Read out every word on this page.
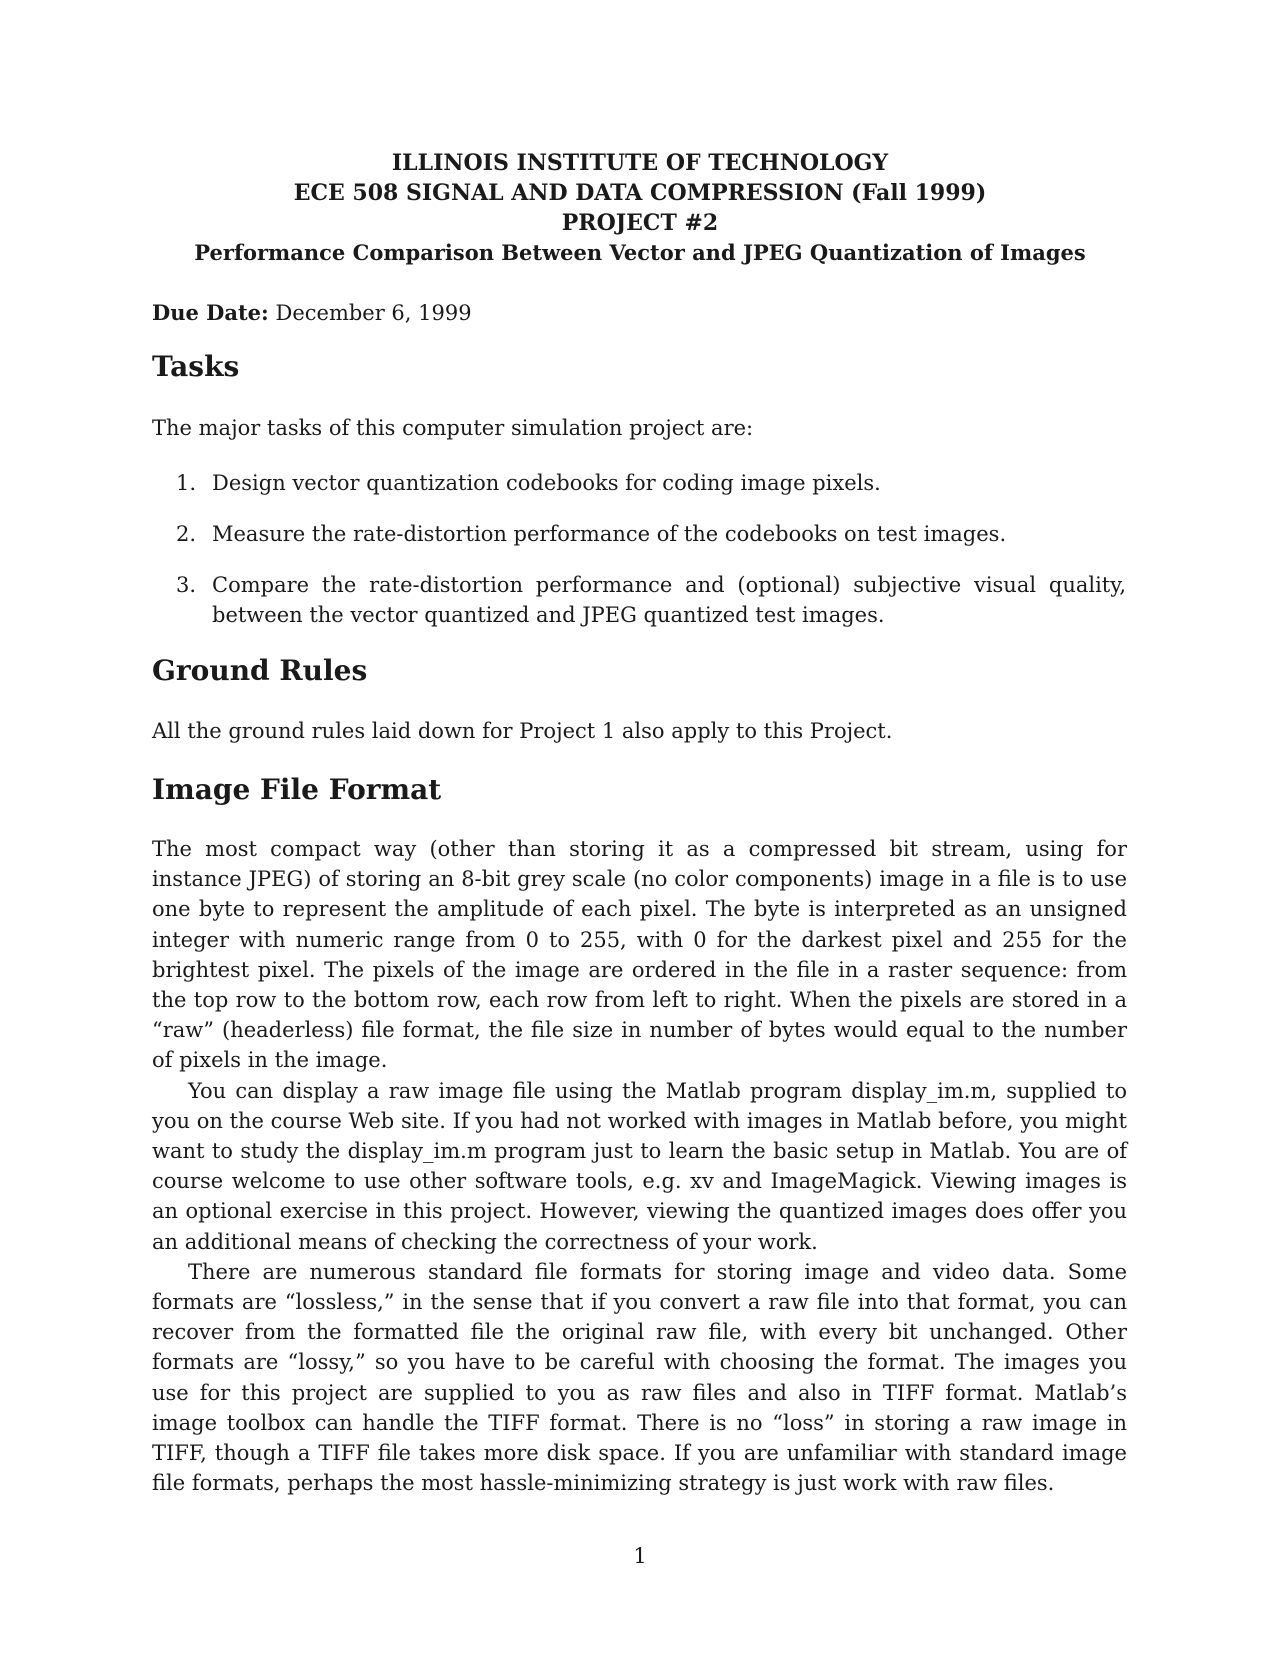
ILLINOIS INSTITUTE OF TECHNOLOGY
ECE 508 SIGNAL AND DATA COMPRESSION (Fall 1999)
PROJECT #2
Performance Comparison Between Vector and JPEG Quantization of Images
Due Date: December 6, 1999
Tasks

The major tasks of this computer simulation project are:

1. Design vector quantization codebooks for coding image pixels.
2. Measure the rate-distortion performance of the codebooks on test images.
3. Compare the rate-distortion performance and (optional) subjective visual quality, between the vector quantized and JPEG quantized test images.
Ground Rules

All the ground rules laid down for Project 1 also apply to this Project.

Image File Format

The most compact way (other than storing it as a compressed bit stream, using for instance JPEG) of storing an 8-bit grey scale (no color components) image in a file is to use one byte to represent the amplitude of each pixel. The byte is interpreted as an unsigned integer with numeric range from 0 to 255, with 0 for the darkest pixel and 255 for the brightest pixel. The pixels of the image are ordered in the file in a raster sequence: from the top row to the bottom row, each row from left to right. When the pixels are stored in a “raw” (headerless) file format, the file size in number of bytes would equal to the number of pixels in the image.

You can display a raw image file using the Matlab program display_im.m, supplied to you on the course Web site. If you had not worked with images in Matlab before, you might want to study the display_im.m program just to learn the basic setup in Matlab. You are of course welcome to use other software tools, e.g. xv and ImageMagick. Viewing images is an optional exercise in this project. However, viewing the quantized images does offer you an additional means of checking the correctness of your work.

There are numerous standard file formats for storing image and video data. Some formats are “lossless,” in the sense that if you convert a raw file into that format, you can recover from the formatted file the original raw file, with every bit unchanged. Other formats are “lossy,” so you have to be careful with choosing the format. The images you use for this project are supplied to you as raw files and also in TIFF format. Matlab’s image toolbox can handle the TIFF format. There is no “loss” in storing a raw image in TIFF, though a TIFF file takes more disk space. If you are unfamiliar with standard image file formats, perhaps the most hassle-minimizing strategy is just work with raw files.

1
